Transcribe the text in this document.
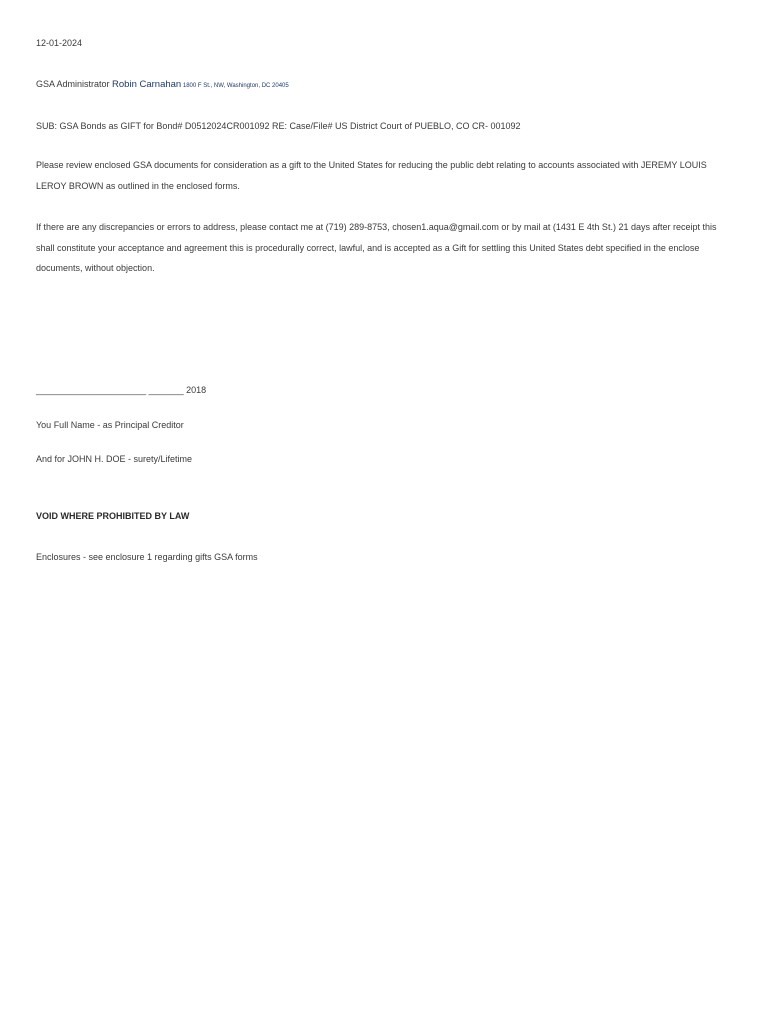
12-01-2024
GSA Administrator Robin Carnahan 1800 F St., NW, Washington, DC 20405
SUB: GSA Bonds as GIFT for Bond# D0512024CR001092 RE: Case/File# US District Court of PUEBLO, CO CR- 001092
Please review enclosed GSA documents for consideration as a gift to the United States for reducing the public debt relating to accounts associated with JEREMY LOUIS LEROY BROWN as outlined in the enclosed forms.
If there are any discrepancies or errors to address, please contact me at (719) 289-8753, chosen1.aqua@gmail.com or by mail at (1431 E 4th St.) 21 days after receipt this shall constitute your acceptance and agreement this is procedurally correct, lawful, and is accepted as a Gift for settling this United States debt specified in the enclose documents, without objection.
______________________ _______ 2018
You Full Name - as Principal Creditor
And for JOHN H. DOE - surety/Lifetime
VOID WHERE PROHIBITED BY LAW
Enclosures - see enclosure 1 regarding gifts GSA forms
